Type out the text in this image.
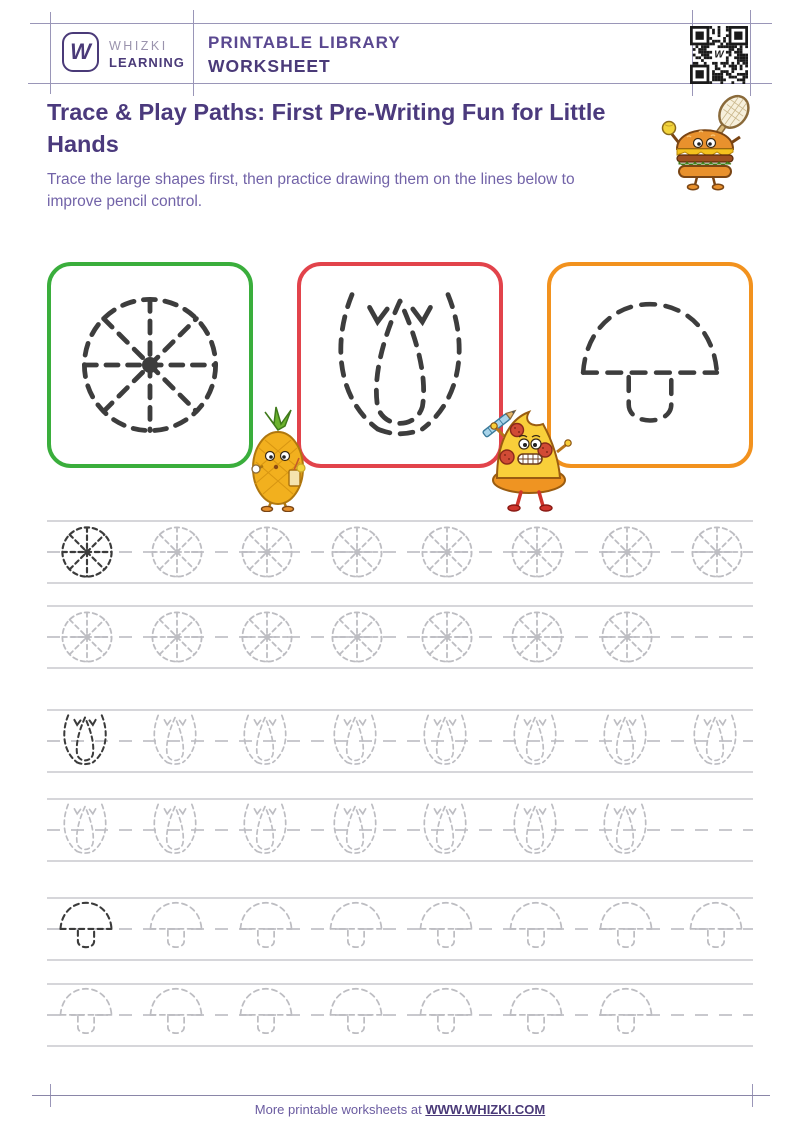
W WHIZKI
LEARNING
PRINTABLE LIBRARY
WORKSHEET
W
Trace & Play Paths: First Pre-Writing Fun for Little Hands
Trace the large shapes first, then practice drawing them on the lines below to improve pencil control.
More printable worksheets at WWW.WHIZKI.COM
